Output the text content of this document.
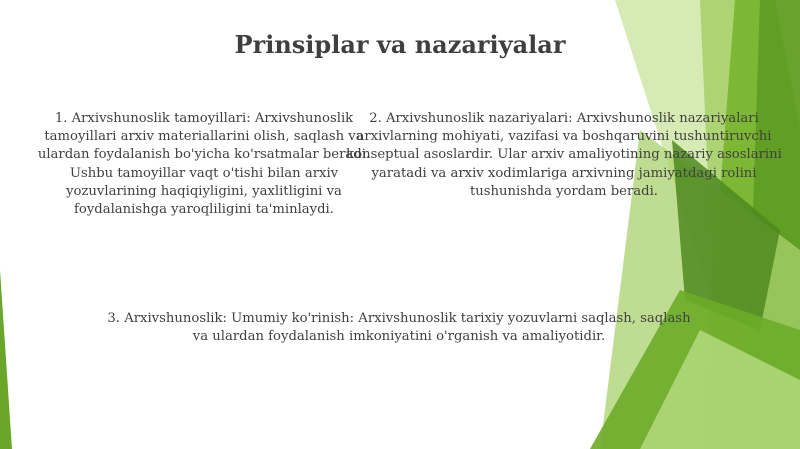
Prinsiplar va nazariyalar
1. Arxivshunoslik tamoyillari: Arxivshunoslik tamoyillari arxiv materiallarini olish, saqlash va ulardan foydalanish bo'yicha ko'rsatmalar beradi. Ushbu tamoyillar vaqt o'tishi bilan arxiv yozuvlarining haqiqiyligini, yaxlitligini va foydalanishga yaroqliligini ta'minlaydi.
2. Arxivshunoslik nazariyalari: Arxivshunoslik nazariyalari arxivlarning mohiyati, vazifasi va boshqaruvini tushuntiruvchi konseptual asoslardir. Ular arxiv amaliyotining nazariy asoslarini yaratadi va arxiv xodimlariga arxivning jamiyatdagi rolini tushunishda yordam beradi.
3. Arxivshunoslik: Umumiy ko'rinish: Arxivshunoslik tarixiy yozuvlarni saqlash, saqlash va ulardan foydalanish imkoniyatini o'rganish va amaliyotidir.
